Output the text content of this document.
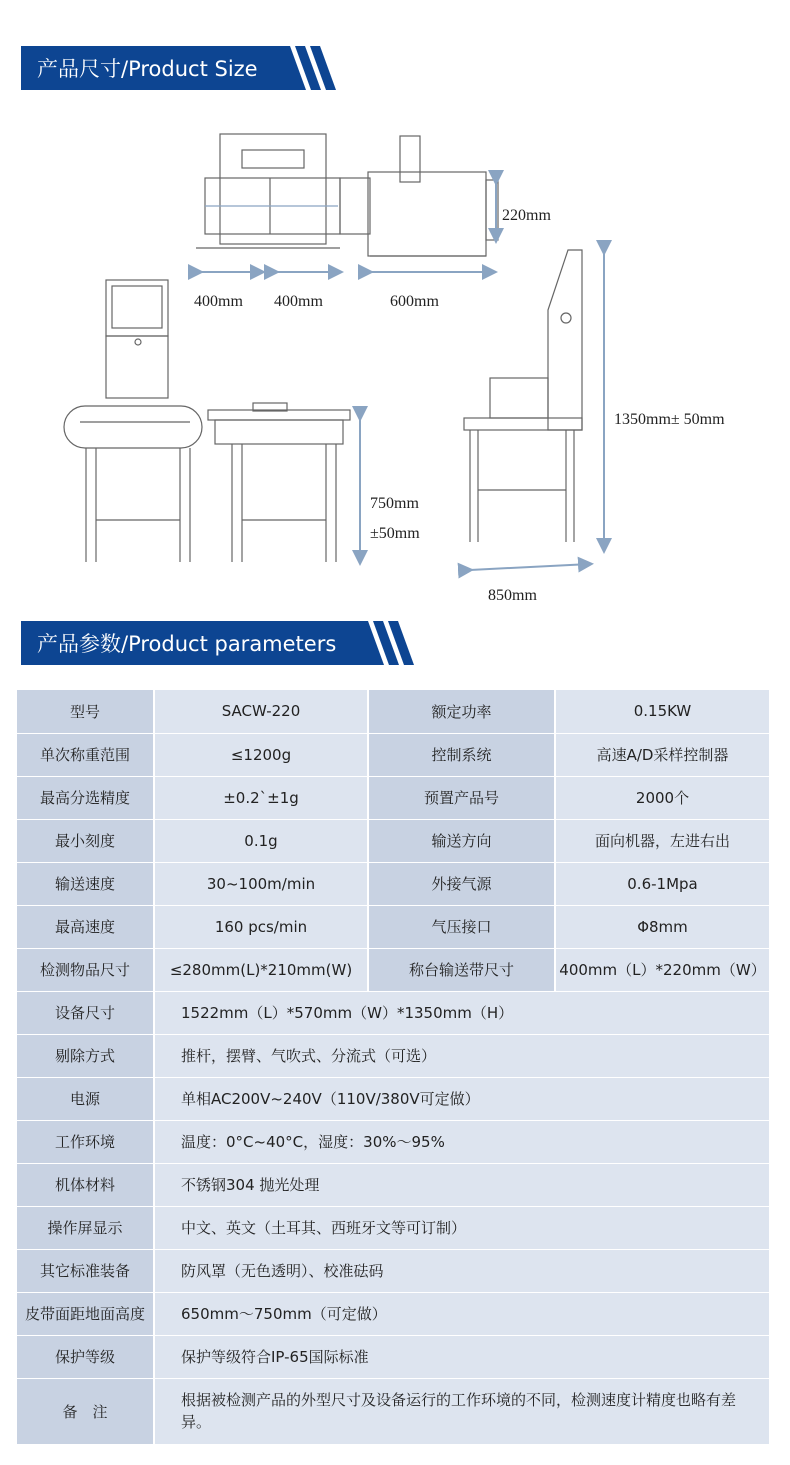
产品尺寸/Product Size
400mm 400mm	600mm
220mm
750mm
±50mm
1350mm± 50mm
850mm
产品参数/Product parameters
型号	SACW-220	额定功率	0.15KW
单次称重范围	≤1200g	控制系统	高速A/D采样控制器
最高分选精度	±0.2`±1g	预置产品号	2000个
最小刻度	0.1g	输送方向	面向机器，左进右出
输送速度	30~100m/min	外接气源	0.6-1Mpa
最高速度	160 pcs/min	气压接口	Φ8mm
检测物品尺寸	≤280mm(L)*210mm(W)	称台输送带尺寸	400mm（L）*220mm（W）
设备尺寸	1522mm（L）*570mm（W）*1350mm（H）		
剔除方式	推杆，摆臂、气吹式、分流式（可选）		
电源	单相AC200V~240V（110V/380V可定做）		
工作环境	温度：0°C~40°C，湿度：30%～95%		
机体材料	不锈钢304 抛光处理		
操作屏显示	中文、英文（土耳其、西班牙文等可订制）		
其它标准装备	防风罩（无色透明）、校准砝码		
皮带面距地面高度	650mm～750mm（可定做）		
保护等级	保护等级符合IP-65国际标准		
备　注	根据被检测产品的外型尺寸及设备运行的工作环境的不同，检测速度计精度也略有差异。		
